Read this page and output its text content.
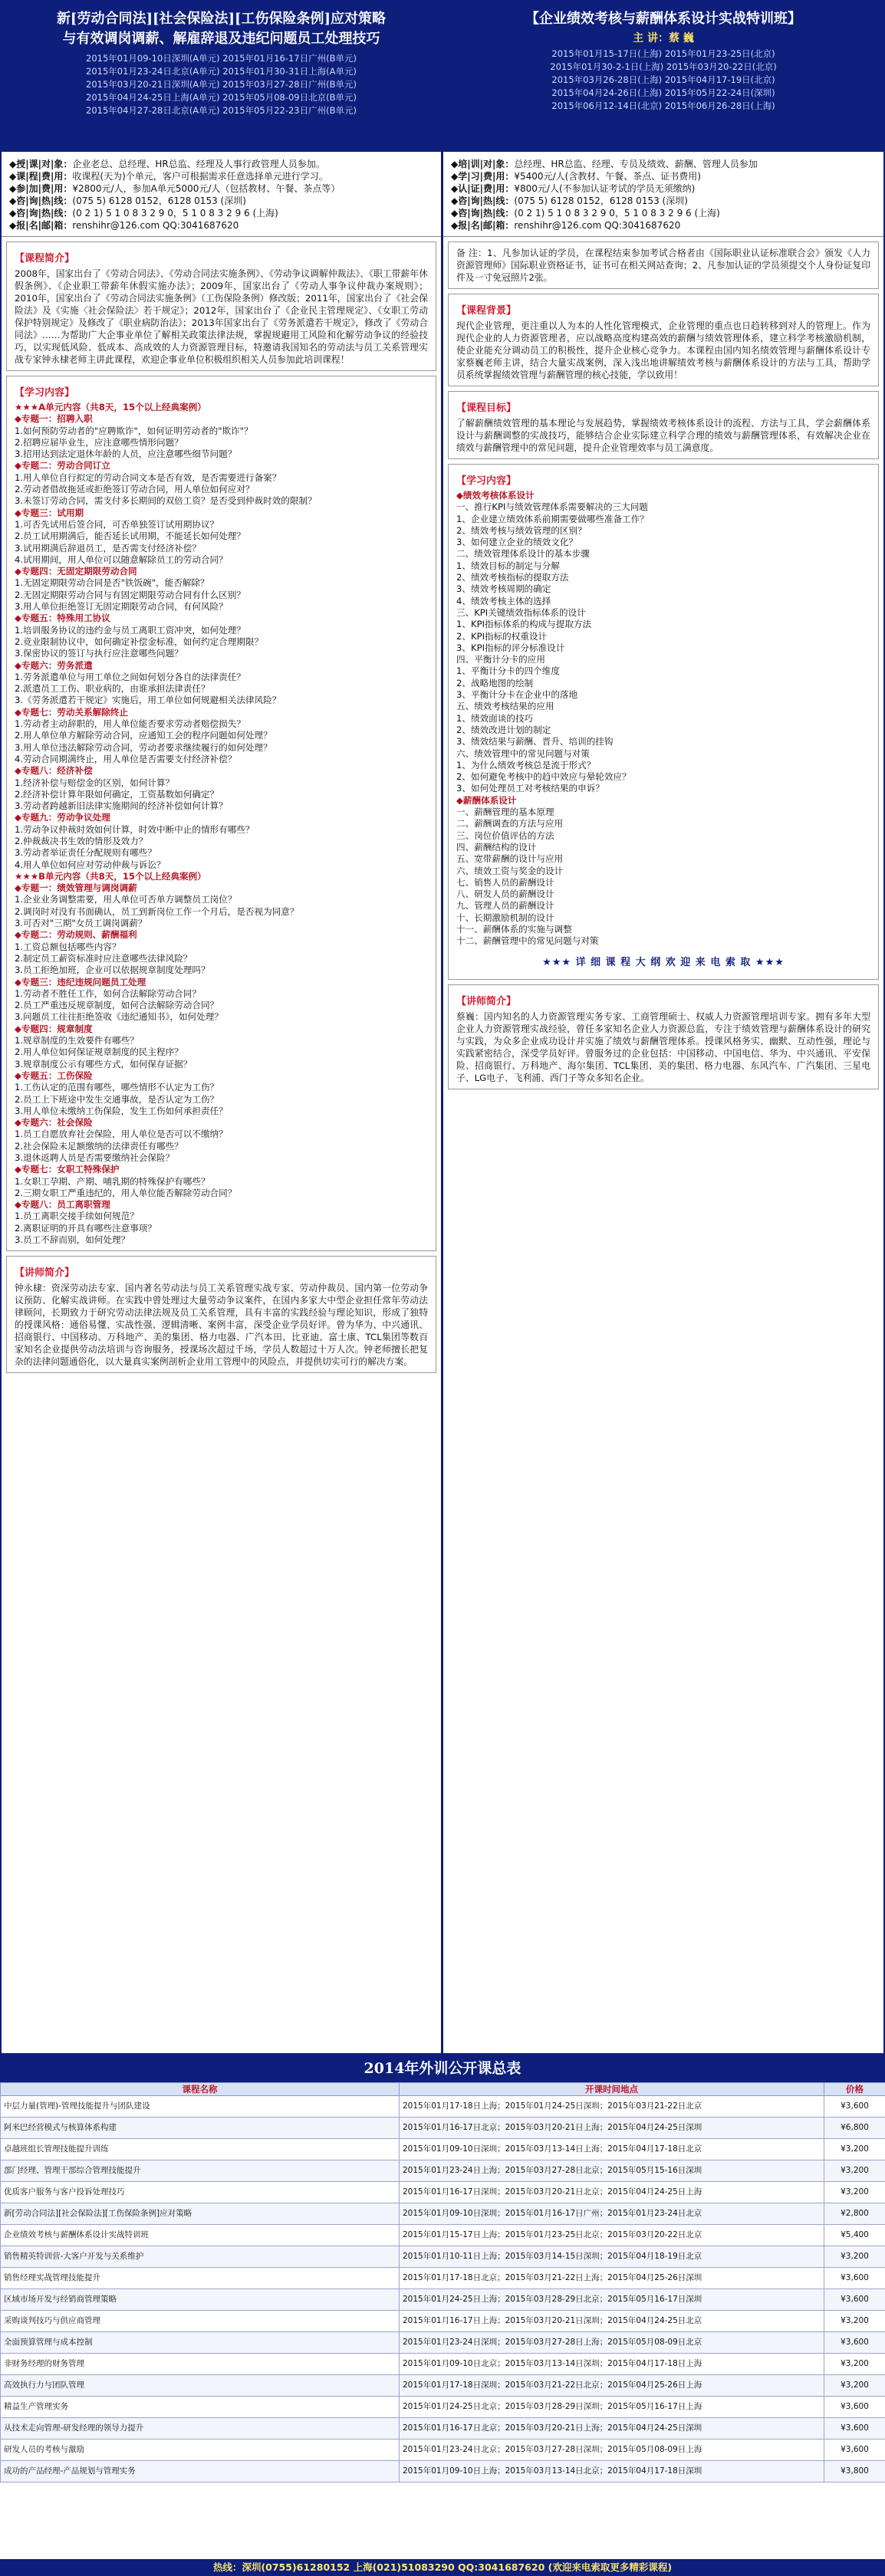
新[劳动合同法][社会保险法][工伤保险条例]应对策略
与有效调岗调薪、解雇辞退及违纪问题员工处理技巧
2015年01月09-10日深圳(A单元) 2015年01月16-17日广州(B单元)
2015年01月23-24日北京(A单元) 2015年01月30-31日上海(A单元)
2015年03月20-21日深圳(A单元) 2015年03月27-28日广州(B单元)
2015年04月24-25日上海(A单元) 2015年05月08-09日北京(B单元)
2015年04月27-28日北京(A单元) 2015年05月22-23日广州(B单元)
◆授|课|对|象：企业老总、总经理、HR总监、经理及人事行政管理人员参加。
◆课|程|费|用：收课程(天为)个单元，客户可根据需求任意选择单元进行学习。
◆参|加|费|用：¥2800元/人，参加A单元5000元/人（包括教材、午餐、茶点等）
◆咨|询|热|线：(075 5) 6128 0152，6128 0153 (深圳)
◆咨|询|热|线：(0 2 1) 5 1 0 8 3 2 9 0，5 1 0 8 3 2 9 6 (上海)
◆报|名|邮|箱：renshihr@126.com QQ:3041687620
【课程简介】
2008年，国家出台了《劳动合同法》、《劳动合同法实施条例》、《劳动争议调解仲裁法》、《职工带薪年休假条例》、《企业职工带薪年休假实施办法》；2009年，国家出台了《劳动人事争议仲裁办案规则》；2010年，国家出台了《劳动合同法实施条例》（工伤保险条例）修改版；2011年，国家出台了《社会保险法》及《实施〈社会保险法〉若干规定》；2012年，国家出台了《企业民主管理规定》、《女职工劳动保护特别规定》及修改了《职业病防治法》；2013年国家出台了《劳务派遣若干规定》，修改了《劳动合同法》……为帮助广大企事业单位了解相关政策法律法规，掌握规避用工风险和化解劳动争议的经验技巧，以实现低风险、低成本、高成效的人力资源管理目标，特邀请我国知名的劳动法与员工关系管理实战专家钟永棣老师主讲此课程，欢迎企事业单位积极组织相关人员参加此培训课程！
【学习内容】
★★★A单元内容（共8天，15个以上经典案例）
◆专题一：招聘入职
1.如何预防劳动者的"应聘欺诈"，如何证明劳动者的"欺诈"？
2.招聘应届毕业生，应注意哪些情形问题？
3.招用达到法定退休年龄的人员，应注意哪些细节问题？
◆专题二：劳动合同订立
1.用人单位自行拟定的劳动合同文本是否有效，是否需要进行备案？
2.劳动者借故拖延或拒绝签订劳动合同，用人单位如何应对？
3.未签订劳动合同，需支付多长期间的双倍工资？是否受到仲裁时效的限制？
◆专题三：试用期
1.可否先试用后签合同，可否单独签订试用期协议？
2.员工试用期满后，能否延长试用期，不能延长如何处理？
3.试用期满后辞退员工，是否需支付经济补偿？
4.试用期间，用人单位可以随意解除员工的劳动合同？
◆专题四：无固定期限劳动合同
1.无固定期限劳动合同是否"铁饭碗"，能否解除？
2.无固定期限劳动合同与有固定期限劳动合同有什么区别？
3.用人单位拒绝签订无固定期限劳动合同，有何风险？
◆专题五：特殊用工协议
1.培训服务协议的违约金与员工离职工资冲突，如何处理？
2.竞业限制协议中，如何确定补偿金标准，如何约定合理期限？
3.保密协议的签订与执行应注意哪些问题？
◆专题六：劳务派遣
1.劳务派遣单位与用工单位之间如何划分各自的法律责任？
2.派遣员工工伤、职业病的，由谁承担法律责任？
3.《劳务派遣若干规定》实施后，用工单位如何规避相关法律风险？
◆专题七：劳动关系解除终止
1.劳动者主动辞职的，用人单位能否要求劳动者赔偿损失？
2.用人单位单方解除劳动合同，应通知工会的程序问题如何处理？
3.用人单位违法解除劳动合同，劳动者要求继续履行的如何处理？
4.劳动合同期满终止，用人单位是否需要支付经济补偿？
◆专题八：经济补偿
1.经济补偿与赔偿金的区别，如何计算？
2.经济补偿计算年限如何确定，工资基数如何确定？
3.劳动者跨越新旧法律实施期间的经济补偿如何计算？
◆专题九：劳动争议处理
1.劳动争议仲裁时效如何计算，时效中断中止的情形有哪些？
2.仲裁裁决书生效的情形及效力？
3.劳动者举证责任分配规则有哪些？
4.用人单位如何应对劳动仲裁与诉讼？
★★★B单元内容（共8天，15个以上经典案例）
◆专题一：绩效管理与调岗调薪
1.企业业务调整需要，用人单位可否单方调整员工岗位？
2.调岗时对没有书面确认，员工到新岗位工作一个月后，是否视为同意？
3.可否对"三期"女员工调岗调薪？
◆专题二：劳动规则、薪酬福利
1.工资总额包括哪些内容？
2.制定员工薪资标准时应注意哪些法律风险？
3.员工拒绝加班，企业可以依据规章制度处理吗？
◆专题三：违纪违规问题员工处理
1.劳动者不胜任工作，如何合法解除劳动合同？
2.员工严重违反规章制度，如何合法解除劳动合同？
3.问题员工往往拒绝签收《违纪通知书》，如何处理？
◆专题四：规章制度
1.规章制度的生效要件有哪些？
2.用人单位如何保证规章制度的民主程序？
3.规章制度公示有哪些方式，如何保存证据？
◆专题五：工伤保险
1.工伤认定的范围有哪些，哪些情形不认定为工伤？
2.员工上下班途中发生交通事故，是否认定为工伤？
3.用人单位未缴纳工伤保险，发生工伤如何承担责任？
◆专题六：社会保险
1.员工自愿放弃社会保险，用人单位是否可以不缴纳？
2.社会保险未足额缴纳的法律责任有哪些？
3.退休返聘人员是否需要缴纳社会保险？
◆专题七：女职工特殊保护
1.女职工孕期、产期、哺乳期的特殊保护有哪些？
2.三期女职工严重违纪的，用人单位能否解除劳动合同？
◆专题八：员工离职管理
1.员工离职交接手续如何规范？
2.离职证明的开具有哪些注意事项？
3.员工不辞而别，如何处理？
【讲师简介】
钟永棣：资深劳动法专家、国内著名劳动法与员工关系管理实战专家、劳动仲裁员、国内第一位劳动争议预防、化解实战讲师。在实践中曾处理过大量劳动争议案件，在国内多家大中型企业担任常年劳动法律顾问，长期致力于研究劳动法律法规及员工关系管理，具有丰富的实践经验与理论知识，形成了独特的授课风格：通俗易懂、实战性强、逻辑清晰、案例丰富，深受企业学员好评。曾为华为、中兴通讯、招商银行、中国移动、万科地产、美的集团、格力电器、广汽本田、比亚迪、富士康、TCL集团等数百家知名企业提供劳动法培训与咨询服务，授课场次超过千场，学员人数超过十万人次。钟老师擅长把复杂的法律问题通俗化，以大量真实案例剖析企业用工管理中的风险点，并提供切实可行的解决方案。
【企业绩效考核与薪酬体系设计实战特训班】
主 讲：蔡 巍
2015年01月15-17日(上海) 2015年01月23-25日(北京)
2015年01月30-2-1日(上海) 2015年03月20-22日(北京)
2015年03月26-28日(上海) 2015年04月17-19日(北京)
2015年04月24-26日(上海) 2015年05月22-24日(深圳)
2015年06月12-14日(北京) 2015年06月26-28日(上海)
◆培|训|对|象：总经理、HR总监、经理、专员及绩效、薪酬、管理人员参加
◆学|习|费|用：¥5400元/人(含教材、午餐、茶点、证书费用)
◆认|证|费|用：¥800元/人(不参加认证考试的学员无须缴纳)
◆咨|询|热|线：(075 5) 6128 0152，6128 0153 (深圳)
◆咨|询|热|线：(0 2 1) 5 1 0 8 3 2 9 0，5 1 0 8 3 2 9 6 (上海)
◆报|名|邮|箱：renshihr@126.com QQ:3041687620
备 注：1、凡参加认证的学员，在课程结束参加考试合格者由《国际职业认证标准联合会》颁发《人力资源管理师》国际职业资格证书，证书可在相关网站查询；2、凡参加认证的学员须提交个人身份证复印件及一寸免冠照片2张。
【课程背景】
现代企业管理，更注重以人为本的人性化管理模式，企业管理的重点也日趋转移到对人的管理上。作为现代企业的人力资源管理者，应以战略高度构建高效的薪酬与绩效管理体系，建立科学考核激励机制，使企业能充分调动员工的积极性，提升企业核心竞争力。本课程由国内知名绩效管理与薪酬体系设计专家蔡巍老师主讲，结合大量实战案例，深入浅出地讲解绩效考核与薪酬体系设计的方法与工具，帮助学员系统掌握绩效管理与薪酬管理的核心技能，学以致用！
【课程目标】
了解薪酬绩效管理的基本理论与发展趋势，掌握绩效考核体系设计的流程、方法与工具，学会薪酬体系设计与薪酬调整的实战技巧，能够结合企业实际建立科学合理的绩效与薪酬管理体系，有效解决企业在绩效与薪酬管理中的常见问题，提升企业管理效率与员工满意度。
【学习内容】
◆绩效考核体系设计
一、推行KPI与绩效管理体系需要解决的三大问题
1、企业建立绩效体系前期需要做哪些准备工作？
2、绩效考核与绩效管理的区别？
3、如何建立企业的绩效文化？
二、绩效管理体系设计的基本步骤
1、绩效目标的制定与分解
2、绩效考核指标的提取方法
3、绩效考核周期的确定
4、绩效考核主体的选择
三、KPI关键绩效指标体系的设计
1、KPI指标体系的构成与提取方法
2、KPI指标的权重设计
3、KPI指标的评分标准设计
四、平衡计分卡的应用
1、平衡计分卡的四个维度
2、战略地图的绘制
3、平衡计分卡在企业中的落地
五、绩效考核结果的应用
1、绩效面谈的技巧
2、绩效改进计划的制定
3、绩效结果与薪酬、晋升、培训的挂钩
六、绩效管理中的常见问题与对策
1、为什么绩效考核总是流于形式？
2、如何避免考核中的趋中效应与晕轮效应？
3、如何处理员工对考核结果的申诉？
◆薪酬体系设计
一、薪酬管理的基本原理
二、薪酬调查的方法与应用
三、岗位价值评估的方法
四、薪酬结构的设计
五、宽带薪酬的设计与应用
六、绩效工资与奖金的设计
七、销售人员的薪酬设计
八、研发人员的薪酬设计
九、管理人员的薪酬设计
十、长期激励机制的设计
十一、薪酬体系的实施与调整
十二、薪酬管理中的常见问题与对策
★★★ 详 细 课 程 大 纲 欢 迎 来 电 索 取 ★★★
【讲师简介】
蔡巍：国内知名的人力资源管理实务专家、工商管理硕士、权威人力资源管理培训专家。拥有多年大型企业人力资源管理实战经验，曾任多家知名企业人力资源总监，专注于绩效管理与薪酬体系设计的研究与实践，为众多企业成功设计并实施了绩效与薪酬管理体系。授课风格务实、幽默、互动性强，理论与实践紧密结合，深受学员好评。曾服务过的企业包括：中国移动、中国电信、华为、中兴通讯、平安保险、招商银行、万科地产、海尔集团、TCL集团、美的集团、格力电器、东风汽车、广汽集团、三星电子、LG电子、飞利浦、西门子等众多知名企业。
2014年外训公开课总表
课程名称	开课时间地点	价格
中层力量(管理)-管理技能提升与团队建设	2015年01月17-18日上海；2015年01月24-25日深圳；2015年03月21-22日北京	¥3,600
阿米巴经营模式与核算体系构建	2015年01月16-17日北京；2015年03月20-21日上海；2015年04月24-25日深圳	¥6,800
卓越班组长管理技能提升训练	2015年01月09-10日深圳；2015年03月13-14日上海；2015年04月17-18日北京	¥3,200
部门经理、管理干部综合管理技能提升	2015年01月23-24日上海；2015年03月27-28日北京；2015年05月15-16日深圳	¥3,200
优质客户服务与客户投诉处理技巧	2015年01月16-17日深圳；2015年03月20-21日北京；2015年04月24-25日上海	¥3,200
新[劳动合同法][社会保险法][工伤保险条例]应对策略	2015年01月09-10日深圳；2015年01月16-17日广州；2015年01月23-24日北京	¥2,800
企业绩效考核与薪酬体系设计实战特训班	2015年01月15-17日上海；2015年01月23-25日北京；2015年03月20-22日北京	¥5,400
销售精英特训营-大客户开发与关系维护	2015年01月10-11日上海；2015年03月14-15日深圳；2015年04月18-19日北京	¥3,200
销售经理实战管理技能提升	2015年01月17-18日北京；2015年03月21-22日上海；2015年04月25-26日深圳	¥3,600
区域市场开发与经销商管理策略	2015年01月24-25日上海；2015年03月28-29日北京；2015年05月16-17日深圳	¥3,600
采购谈判技巧与供应商管理	2015年01月16-17日上海；2015年03月20-21日深圳；2015年04月24-25日北京	¥3,200
全面预算管理与成本控制	2015年01月23-24日深圳；2015年03月27-28日上海；2015年05月08-09日北京	¥3,600
非财务经理的财务管理	2015年01月09-10日北京；2015年03月13-14日深圳；2015年04月17-18日上海	¥3,200
高效执行力与团队管理	2015年01月17-18日深圳；2015年03月21-22日北京；2015年04月25-26日上海	¥3,200
精益生产管理实务	2015年01月24-25日北京；2015年03月28-29日深圳；2015年05月16-17日上海	¥3,600
从技术走向管理-研发经理的领导力提升	2015年01月16-17日北京；2015年03月20-21日上海；2015年04月24-25日深圳	¥3,600
研发人员的考核与激励	2015年01月23-24日北京；2015年03月27-28日深圳；2015年05月08-09日上海	¥3,600
成功的产品经理-产品规划与管理实务	2015年01月09-10日上海；2015年03月13-14日北京；2015年04月17-18日深圳	¥3,800
热线：深圳(0755)61280152 上海(021)51083290 QQ:3041687620 (欢迎来电索取更多精彩课程)
